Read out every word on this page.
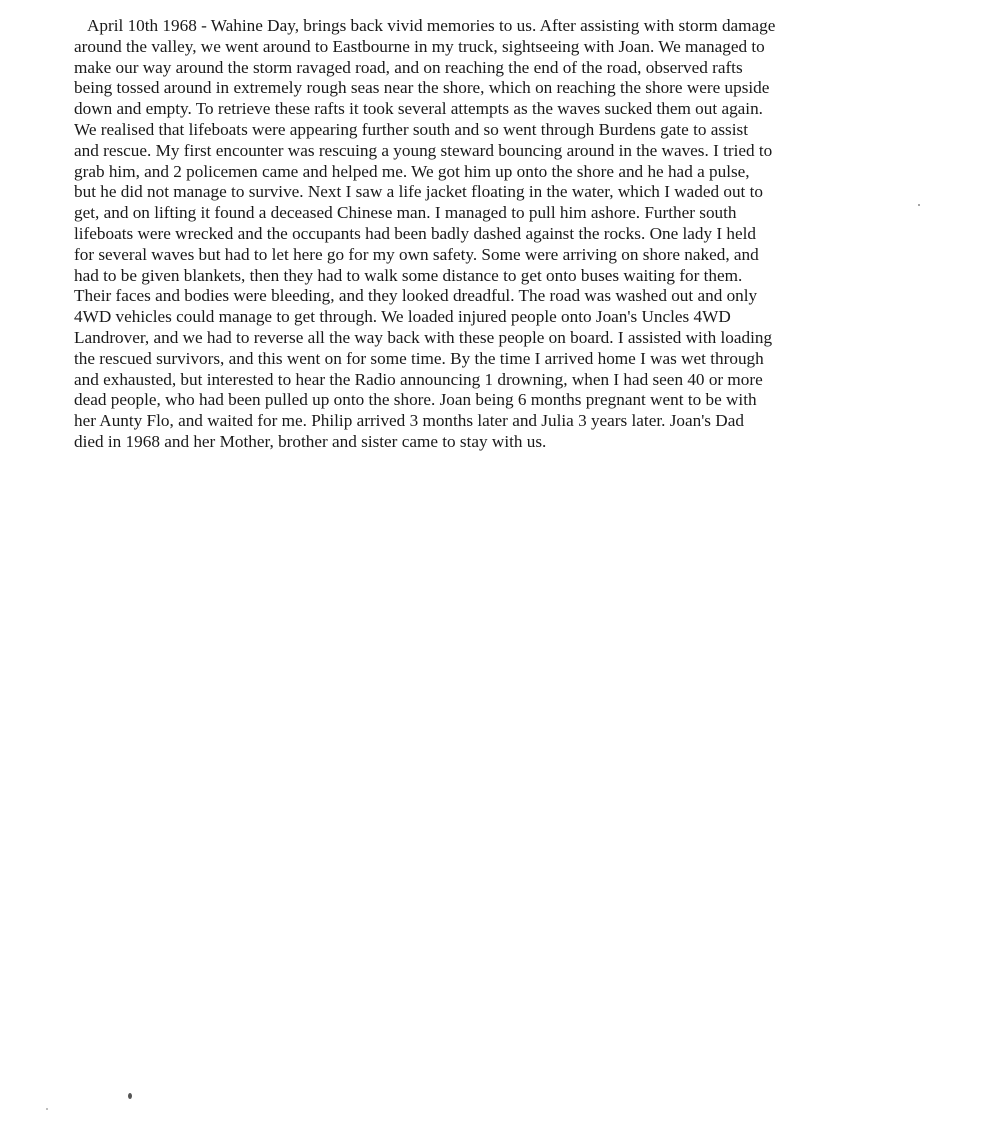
April 10th 1968 - Wahine Day, brings back vivid memories to us. After assisting with storm damage
around the valley, we went around to Eastbourne in my truck, sightseeing with Joan. We managed to
make our way around the storm ravaged road, and on reaching the end of the road, observed rafts
being tossed around in extremely rough seas near the shore, which on reaching the shore were upside
down and empty. To retrieve these rafts it took several attempts as the waves sucked them out again.
We realised that lifeboats were appearing further south and so went through Burdens gate to assist
and rescue. My first encounter was rescuing a young steward bouncing around in the waves. I tried to
grab him, and 2 policemen came and helped me. We got him up onto the shore and he had a pulse,
but he did not manage to survive. Next I saw a life jacket floating in the water, which I waded out to
get, and on lifting it found a deceased Chinese man. I managed to pull him ashore. Further south
lifeboats were wrecked and the occupants had been badly dashed against the rocks. One lady I held
for several waves but had to let here go for my own safety. Some were arriving on shore naked, and
had to be given blankets, then they had to walk some distance to get onto buses waiting for them.
Their faces and bodies were bleeding, and they looked dreadful. The road was washed out and only
4WD vehicles could manage to get through. We loaded injured people onto Joan's Uncles 4WD
Landrover, and we had to reverse all the way back with these people on board. I assisted with loading
the rescued survivors, and this went on for some time. By the time I arrived home I was wet through
and exhausted, but interested to hear the Radio announcing 1 drowning, when I had seen 40 or more
dead people, who had been pulled up onto the shore. Joan being 6 months pregnant went to be with
her Aunty Flo, and waited for me. Philip arrived 3 months later and Julia 3 years later. Joan's Dad
died in 1968 and her Mother, brother and sister came to stay with us.
